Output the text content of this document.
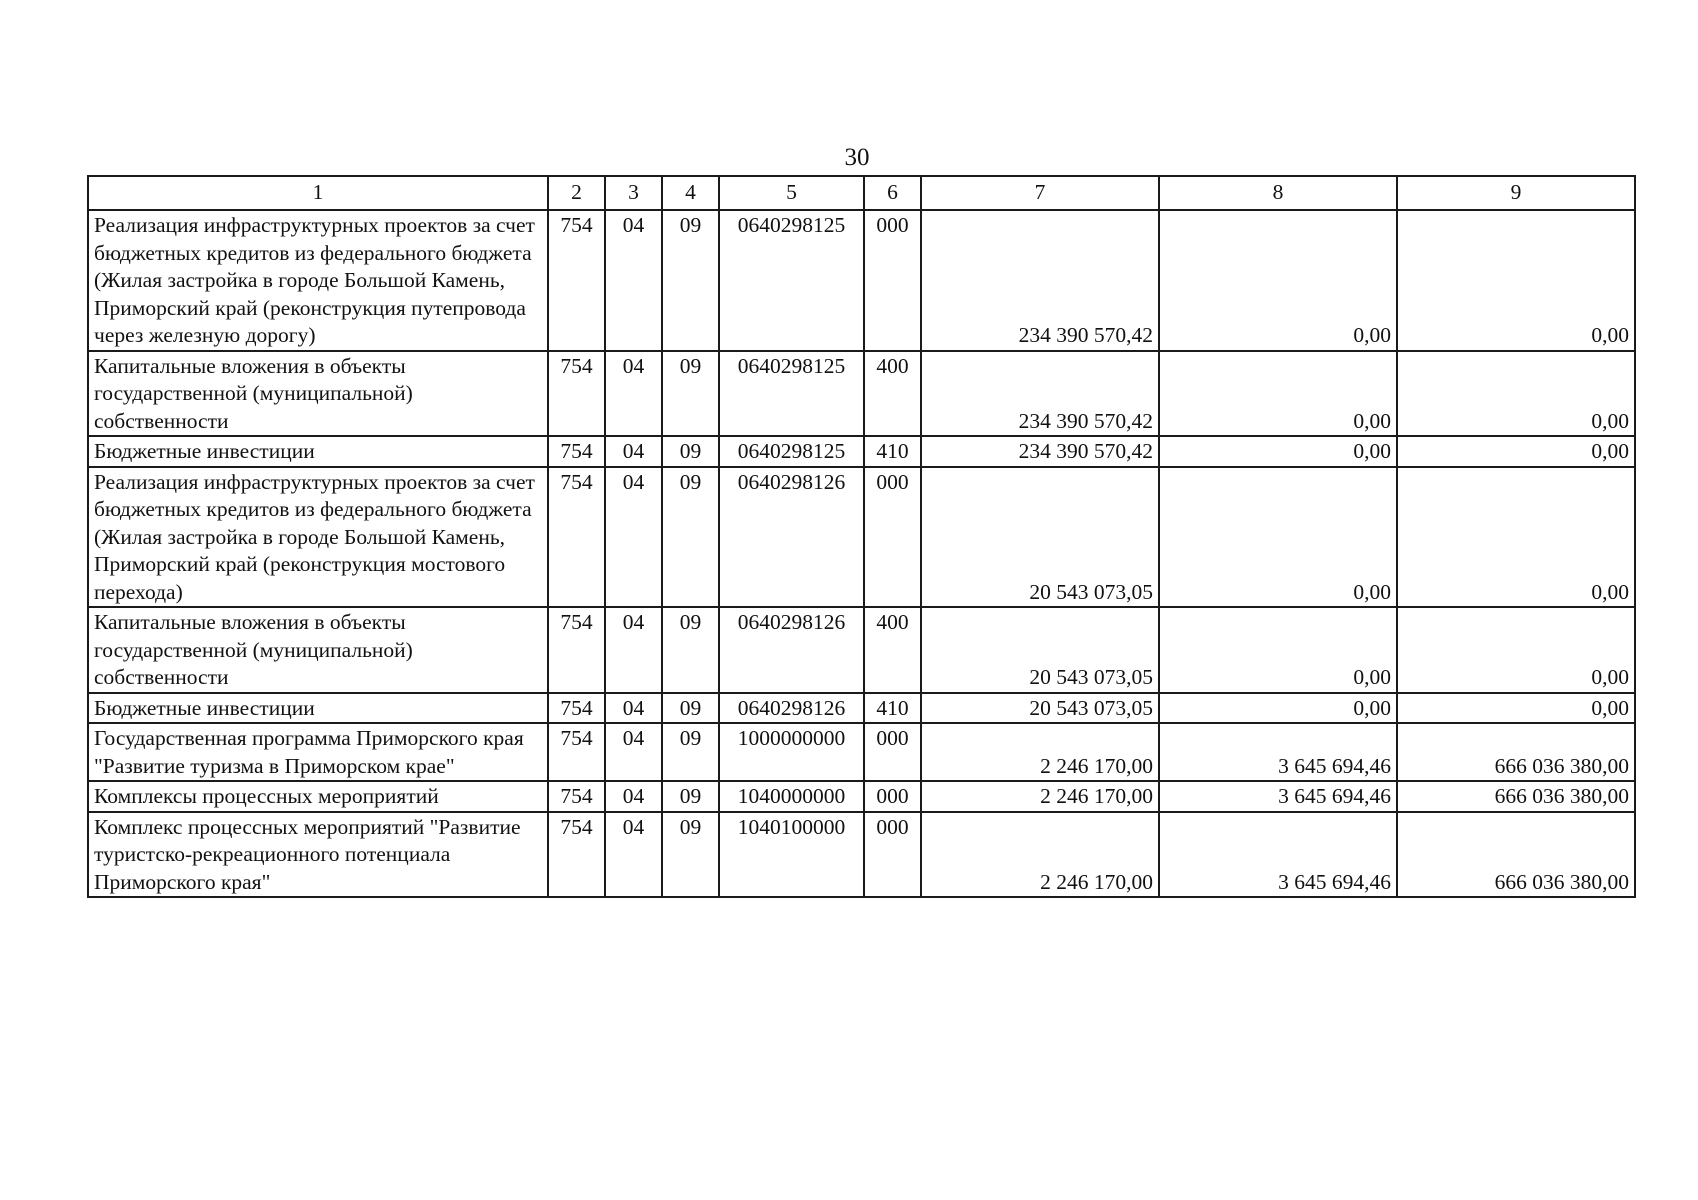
30
1	2	3	4	5	6	7	8	9
Реализация инфраструктурных проектов за счет бюджетных кредитов из федерального бюджета (Жилая застройка в городе Большой Камень, Приморский край (реконструкция путепровода через железную дорогу)	754	04	09	0640298125	000	234 390 570,42	0,00	0,00
Капитальные вложения в объекты государственной (муниципальной) собственности	754	04	09	0640298125	400	234 390 570,42	0,00	0,00
Бюджетные инвестиции	754	04	09	0640298125	410	234 390 570,42	0,00	0,00
Реализация инфраструктурных проектов за счет бюджетных кредитов из федерального бюджета (Жилая застройка в городе Большой Камень, Приморский край (реконструкция мостового перехода)	754	04	09	0640298126	000	20 543 073,05	0,00	0,00
Капитальные вложения в объекты государственной (муниципальной) собственности	754	04	09	0640298126	400	20 543 073,05	0,00	0,00
Бюджетные инвестиции	754	04	09	0640298126	410	20 543 073,05	0,00	0,00
Государственная программа Приморского края "Развитие туризма в Приморском крае"	754	04	09	1000000000	000	2 246 170,00	3 645 694,46	666 036 380,00
Комплексы процессных мероприятий	754	04	09	1040000000	000	2 246 170,00	3 645 694,46	666 036 380,00
Комплекс процессных мероприятий "Развитие туристско-рекреационного потенциала Приморского края"	754	04	09	1040100000	000	2 246 170,00	3 645 694,46	666 036 380,00
